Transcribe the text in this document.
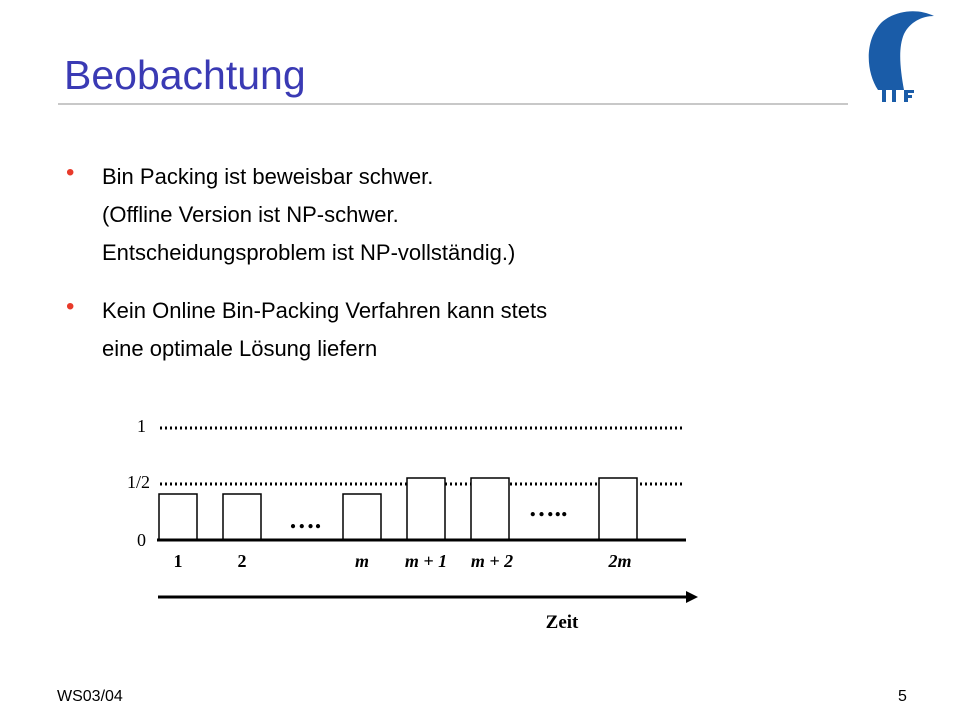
Beobachtung
• Bin Packing ist beweisbar schwer.
(Offline Version ist NP-schwer.
Entscheidungsproblem ist NP-vollständig.)
• Kein Online Bin-Packing Verfahren kann stets
eine optimale Lösung liefern
1
1/2
0
….	…..
1	2	m m + 1 m + 2	2m
Zeit
WS03/04	5
